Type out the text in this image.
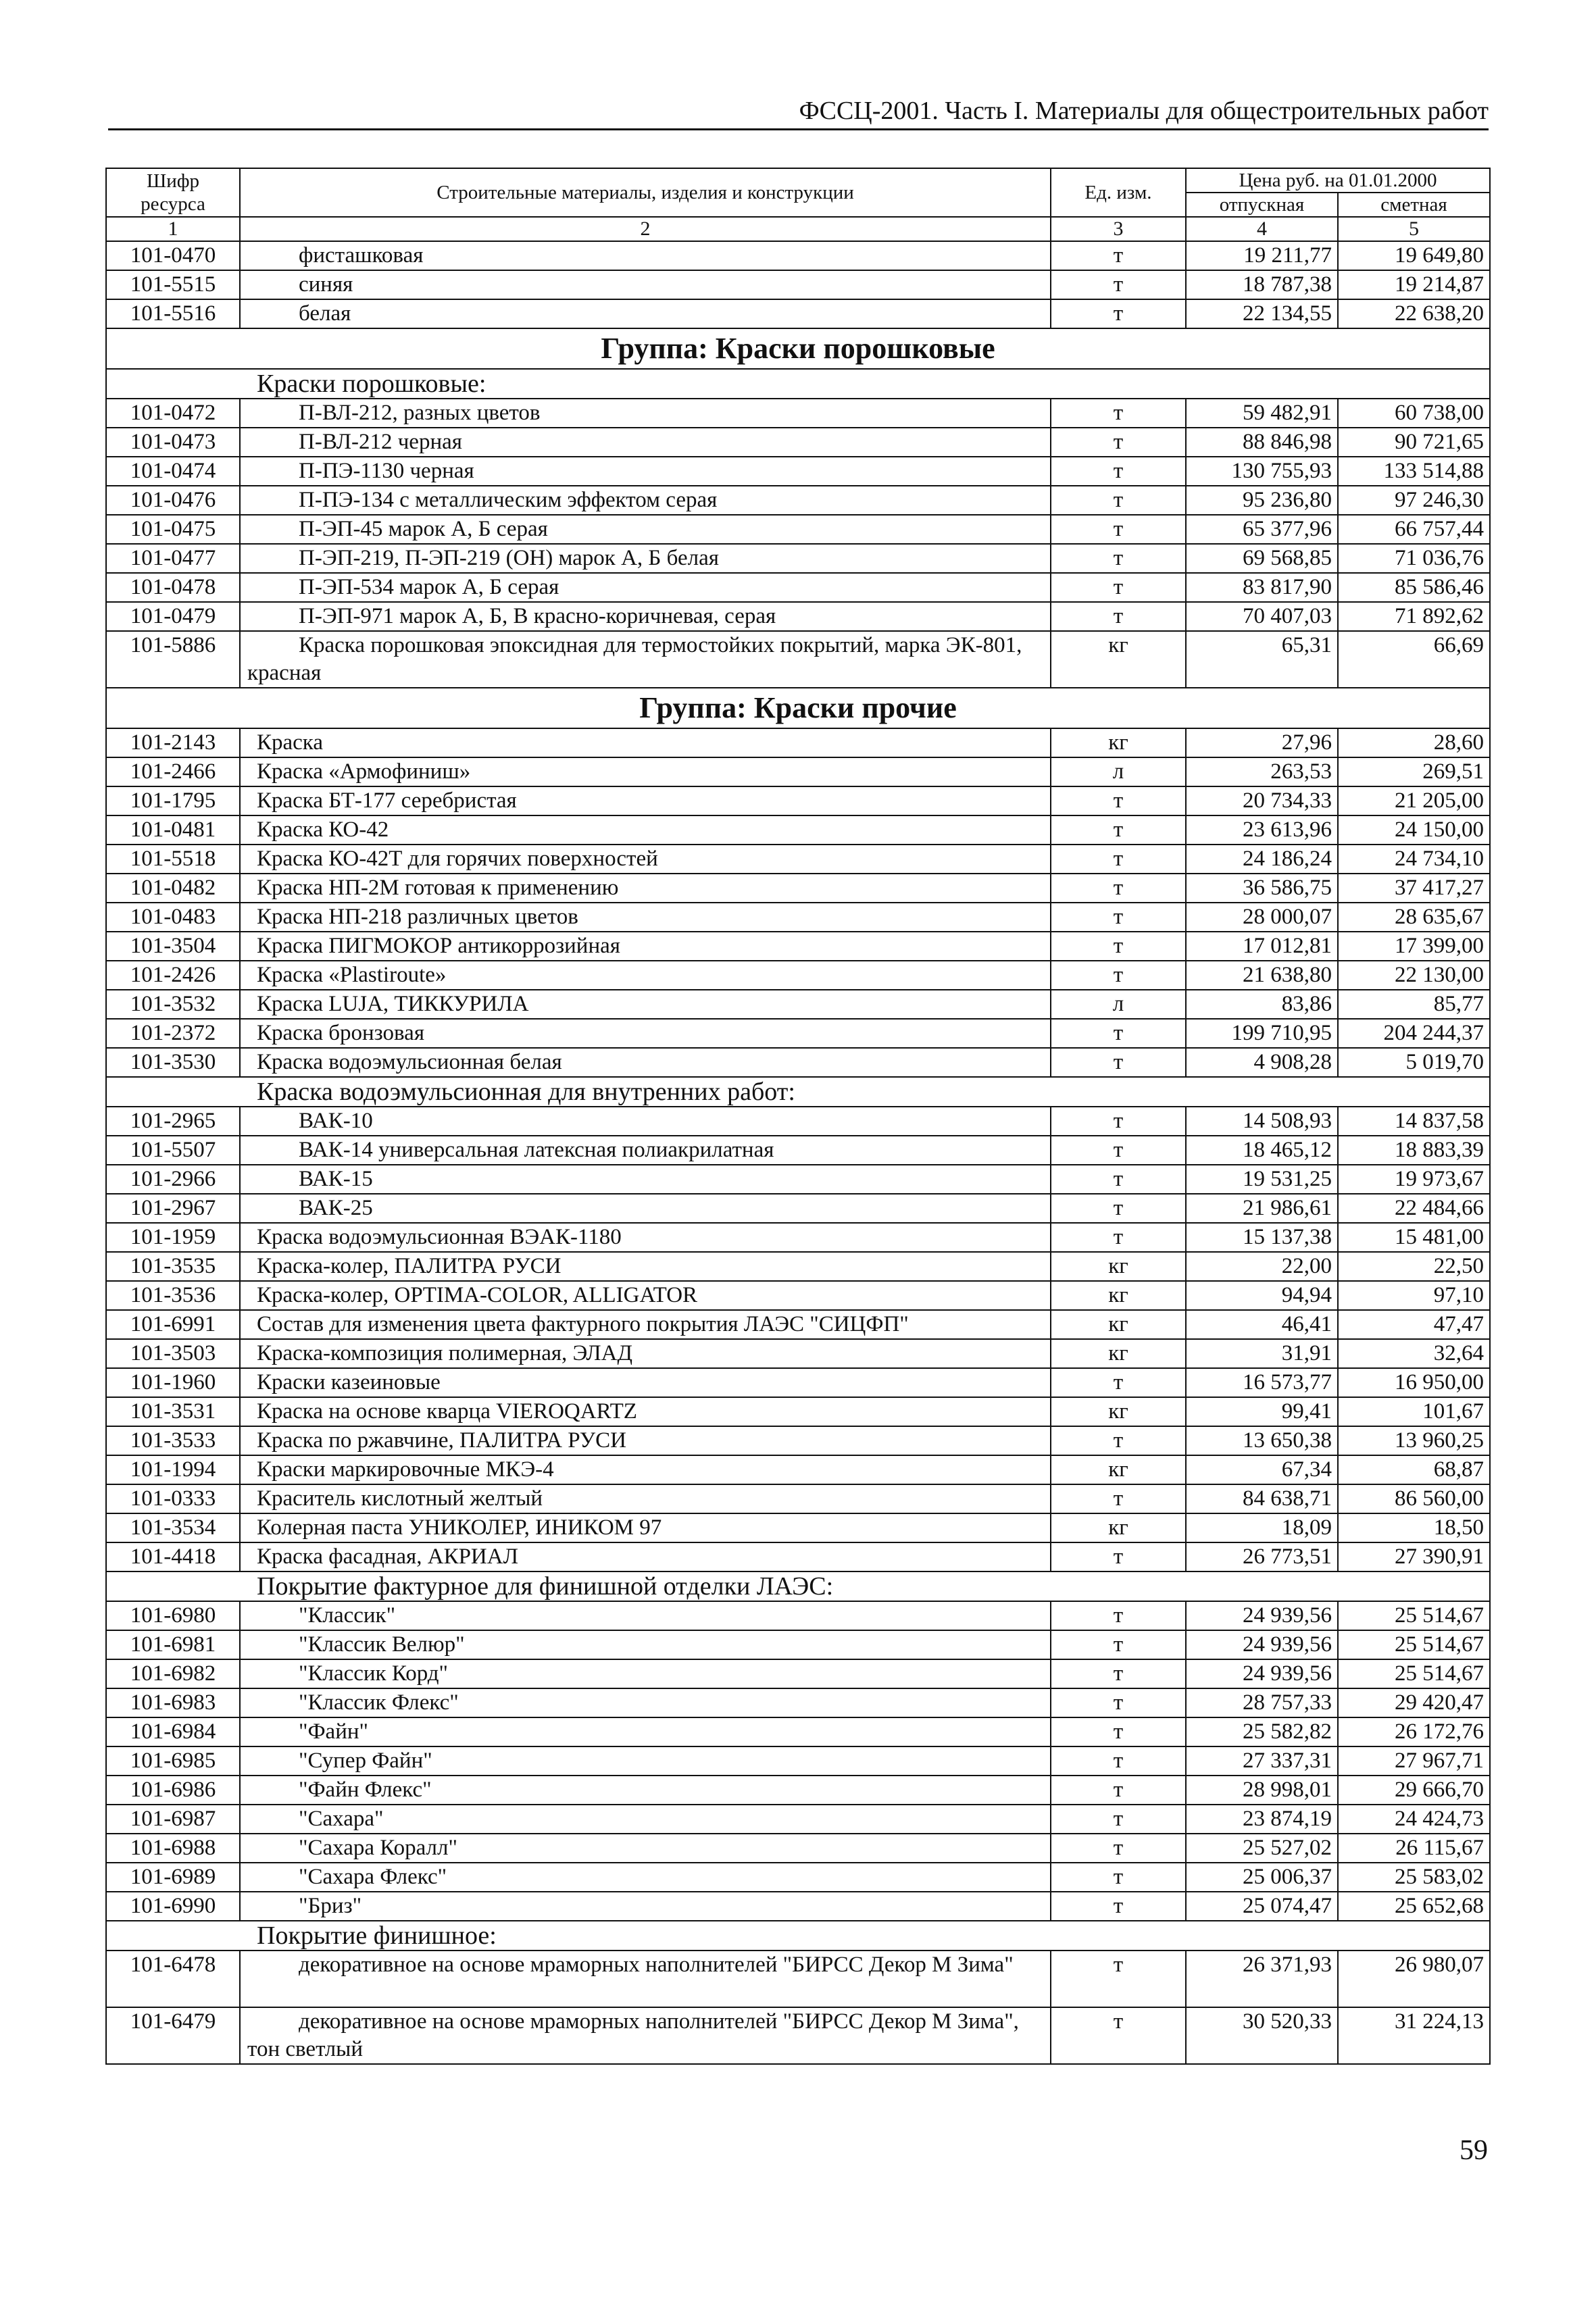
ФССЦ-2001. Часть I. Материалы для общестроительных работ
Шифр ресурса	Строительные материалы, изделия и конструкции	Ед. изм.	Цена руб. на 01.01.2000	
			отпускная	сметная
1	2	3	4	5
101-0470	фисташковая	т	19 211,77	19 649,80
101-5515	синяя	т	18 787,38	19 214,87
101-5516	белая	т	22 134,55	22 638,20
Группа: Краски порошковые				
Краски порошковые:				
101-0472	П-ВЛ-212, разных цветов	т	59 482,91	60 738,00
101-0473	П-ВЛ-212 черная	т	88 846,98	90 721,65
101-0474	П-ПЭ-1130 черная	т	130 755,93	133 514,88
101-0476	П-ПЭ-134 с металлическим эффектом серая	т	95 236,80	97 246,30
101-0475	П-ЭП-45 марок А, Б серая	т	65 377,96	66 757,44
101-0477	П-ЭП-219, П-ЭП-219 (ОН) марок А, Б белая	т	69 568,85	71 036,76
101-0478	П-ЭП-534 марок А, Б серая	т	83 817,90	85 586,46
101-0479	П-ЭП-971 марок А, Б, В красно-коричневая, серая	т	70 407,03	71 892,62
101-5886	Краска порошковая эпоксидная для термостойких покрытий, марка ЭК-801, красная	кг	65,31	66,69
Группа: Краски прочие				
101-2143	Краска	кг	27,96	28,60
101-2466	Краска «Армофиниш»	л	263,53	269,51
101-1795	Краска БТ-177 серебристая	т	20 734,33	21 205,00
101-0481	Краска КО-42	т	23 613,96	24 150,00
101-5518	Краска КО-42Т для горячих поверхностей	т	24 186,24	24 734,10
101-0482	Краска НП-2М готовая к применению	т	36 586,75	37 417,27
101-0483	Краска НП-218 различных цветов	т	28 000,07	28 635,67
101-3504	Краска ПИГМОКОР антикоррозийная	т	17 012,81	17 399,00
101-2426	Краска «Plastiroute»	т	21 638,80	22 130,00
101-3532	Краска LUJA, ТИККУРИЛА	л	83,86	85,77
101-2372	Краска бронзовая	т	199 710,95	204 244,37
101-3530	Краска водоэмульсионная белая	т	4 908,28	5 019,70
Краска водоэмульсионная для внутренних работ:				
101-2965	ВАК-10	т	14 508,93	14 837,58
101-5507	ВАК-14 универсальная латексная полиакрилатная	т	18 465,12	18 883,39
101-2966	ВАК-15	т	19 531,25	19 973,67
101-2967	ВАК-25	т	21 986,61	22 484,66
101-1959	Краска водоэмульсионная ВЭАК-1180	т	15 137,38	15 481,00
101-3535	Краска-колер, ПАЛИТРА РУСИ	кг	22,00	22,50
101-3536	Краска-колер, OPTIMA-COLOR, ALLIGATOR	кг	94,94	97,10
101-6991	Состав для изменения цвета фактурного покрытия ЛАЭС "СИЦФП"	кг	46,41	47,47
101-3503	Краска-композиция полимерная, ЭЛАД	кг	31,91	32,64
101-1960	Краски казеиновые	т	16 573,77	16 950,00
101-3531	Краска на основе кварца VIEROQARTZ	кг	99,41	101,67
101-3533	Краска по ржавчине, ПАЛИТРА РУСИ	т	13 650,38	13 960,25
101-1994	Краски маркировочные МКЭ-4	кг	67,34	68,87
101-0333	Краситель кислотный желтый	т	84 638,71	86 560,00
101-3534	Колерная паста УНИКОЛЕР, ИНИКОМ 97	кг	18,09	18,50
101-4418	Краска фасадная, АКРИАЛ	т	26 773,51	27 390,91
Покрытие фактурное для финишной отделки ЛАЭС:				
101-6980	"Классик"	т	24 939,56	25 514,67
101-6981	"Классик Велюр"	т	24 939,56	25 514,67
101-6982	"Классик Корд"	т	24 939,56	25 514,67
101-6983	"Классик Флекс"	т	28 757,33	29 420,47
101-6984	"Файн"	т	25 582,82	26 172,76
101-6985	"Супер Файн"	т	27 337,31	27 967,71
101-6986	"Файн Флекс"	т	28 998,01	29 666,70
101-6987	"Сахара"	т	23 874,19	24 424,73
101-6988	"Сахара Коралл"	т	25 527,02	26 115,67
101-6989	"Сахара Флекс"	т	25 006,37	25 583,02
101-6990	"Бриз"	т	25 074,47	25 652,68
Покрытие финишное:				
101-6478	декоративное на основе мраморных наполнителей "БИРСС Декор М Зима"	т	26 371,93	26 980,07
101-6479	декоративное на основе мраморных наполнителей "БИРСС Декор М Зима", тон светлый	т	30 520,33	31 224,13
59
